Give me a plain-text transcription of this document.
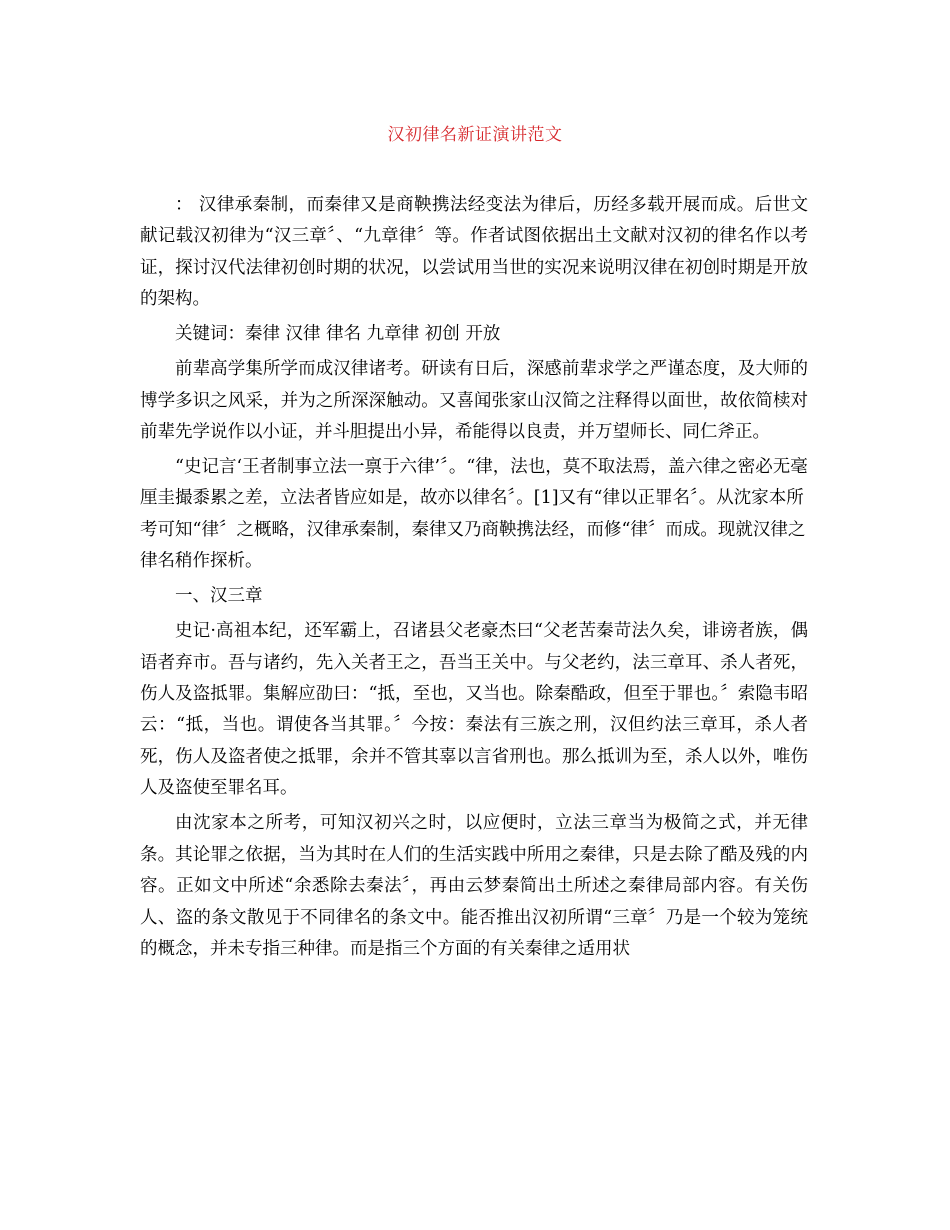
汉初律名新证演讲范文

： 汉律承秦制，而秦律又是商鞅携法经变法为律后，历经多载开展而成。后世文献记载汉初律为“汉三章〞、“九章律〞等。作者试图依据出土文献对汉初的律名作以考证，探讨汉代法律初创时期的状况，以尝试用当世的实况来说明汉律在初创时期是开放的架构。

关键词：秦律 汉律 律名 九章律 初创 开放

前辈高学集所学而成汉律诸考。研读有日后，深感前辈求学之严谨态度，及大师的博学多识之风采，并为之所深深触动。又喜闻张家山汉简之注释得以面世，故依简椟对前辈先学说作以小证，并斗胆提出小异，希能得以良责，并万望师长、同仁斧正。

“史记言‘王者制事立法一禀于六律’〞。“律，法也，莫不取法焉，盖六律之密必无毫厘圭撮黍累之差，立法者皆应如是，故亦以律名〞。[1]又有“律以正罪名〞。从沈家本所考可知“律〞之概略，汉律承秦制，秦律又乃商鞅携法经，而修“律〞而成。现就汉律之律名稍作探析。

一、汉三章

史记·高祖本纪，还军霸上，召诸县父老豪杰曰“父老苦秦苛法久矣，诽谤者族，偶语者弃市。吾与诸约，先入关者王之，吾当王关中。与父老约，法三章耳、杀人者死，伤人及盗抵罪。集解应劭曰：“抵，至也，又当也。除秦酷政，但至于罪也。〞索隐韦昭云：“抵，当也。谓使各当其罪。〞今按：秦法有三族之刑，汉但约法三章耳，杀人者死，伤人及盗者使之抵罪，余并不管其辜以言省刑也。那么抵训为至，杀人以外，唯伤人及盗使至罪名耳。

由沈家本之所考，可知汉初兴之时，以应便时，立法三章当为极简之式，并无律条。其论罪之依据，当为其时在人们的生活实践中所用之秦律，只是去除了酷及残的内容。正如文中所述“余悉除去秦法〞，再由云梦秦简出土所述之秦律局部内容。有关伤人、盗的条文散见于不同律名的条文中。能否推出汉初所谓“三章〞乃是一个较为笼统的概念，并未专指三种律。而是指三个方面的有关秦律之适用状
